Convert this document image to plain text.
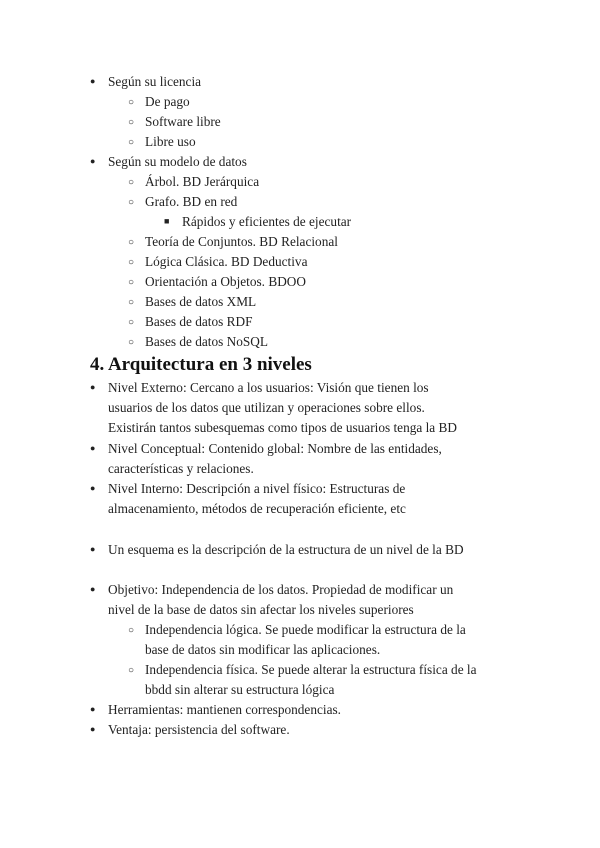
●
Según su licencia
○
De pago
○
Software libre
○
Libre uso
●
Según su modelo de datos
○
Árbol. BD Jerárquica
○
Grafo. BD en red
■
Rápidos y eficientes de ejecutar
○
Teoría de Conjuntos. BD Relacional
○
Lógica Clásica. BD Deductiva
○
Orientación a Objetos. BDOO
○
Bases de datos XML
○
Bases de datos RDF
○
Bases de datos NoSQL
4. Arquitectura en 3 niveles
●
Nivel Externo: Cercano a los usuarios: Visión que tienen los
usuarios de los datos que utilizan y operaciones sobre ellos.
Existirán tantos subesquemas como tipos de usuarios tenga la BD
●
Nivel Conceptual: Contenido global: Nombre de las entidades,
características y relaciones.
●
Nivel Interno: Descripción a nivel físico: Estructuras de
almacenamiento, métodos de recuperación eficiente, etc
●
Un esquema es la descripción de la estructura de un nivel de la BD
●
Objetivo: Independencia de los datos. Propiedad de modificar un
nivel de la base de datos sin afectar los niveles superiores
○
Independencia lógica. Se puede modificar la estructura de la
base de datos sin modificar las aplicaciones.
○
Independencia física. Se puede alterar la estructura física de la
bbdd sin alterar su estructura lógica
●
Herramientas: mantienen correspondencias.
●
Ventaja: persistencia del software.
